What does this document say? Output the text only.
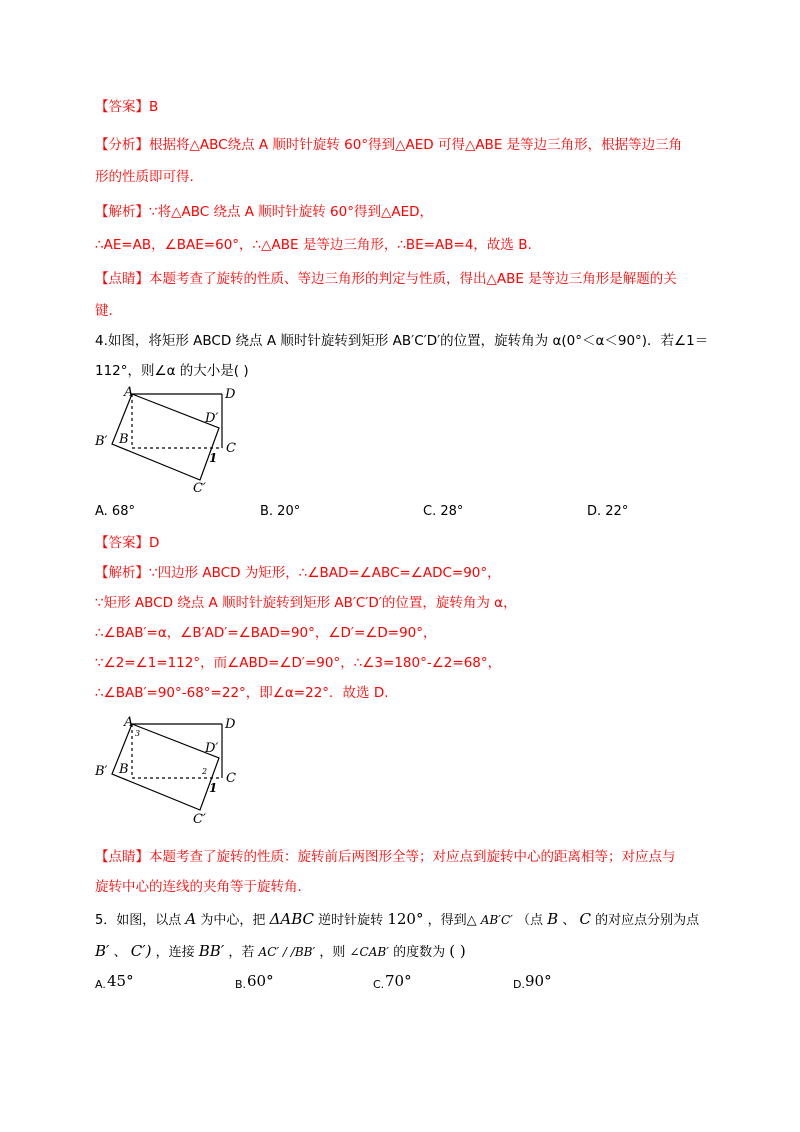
【答案】B
【分析】根据将△ABC绕点 A 顺时针旋转 60°得到△AED 可得△ABE 是等边三角形，根据等边三角
形的性质即可得.
【解析】∵将△ABC 绕点 A 顺时针旋转 60°得到△AED，
∴AE=AB，∠BAE=60°，∴△ABE 是等边三角形，∴BE=AB=4，故选 B.
【点睛】本题考查了旋转的性质、等边三角形的判定与性质，得出△ABE 是等边三角形是解题的关
键.
4.如图，将矩形 ABCD 绕点 A 顺时针旋转到矩形 AB′C′D′的位置，旋转角为 α(0°＜α＜90°)．若∠1＝
112°，则∠α 的大小是( )
A	D
D′
B′ B
C
1
C′
A. 68°	B. 20°	C. 28°	D. 22°
【答案】D
【解析】∵四边形 ABCD 为矩形，∴∠BAD=∠ABC=∠ADC=90°，
∵矩形 ABCD 绕点 A 顺时针旋转到矩形 AB′C′D′的位置，旋转角为 α，
∴∠BAB′=α，∠B′AD′=∠BAD=90°，∠D′=∠D=90°，
∵∠2=∠1=112°，而∠ABD=∠D′=90°，∴∠3=180°-∠2=68°，
∴∠BAB′=90°-68°=22°，即∠α=22°．故选 D.
A	D
D′
B′ B
C
1
2
3
C′
【点睛】本题考查了旋转的性质：旋转前后两图形全等；对应点到旋转中心的距离相等；对应点与
旋转中心的连线的夹角等于旋转角.
5．如图，以点 A 为中心，把 ΔABC 逆时针旋转 120° ，得到△ AB′C′ （点 B 、 C 的对应点分别为点
B′ 、 C′) ，连接 BB′ ，若 AC′ / /BB′ ，则 ∠CAB′ 的度数为 ( )
A. 45°	B. 60°	C. 70°	D. 90°
